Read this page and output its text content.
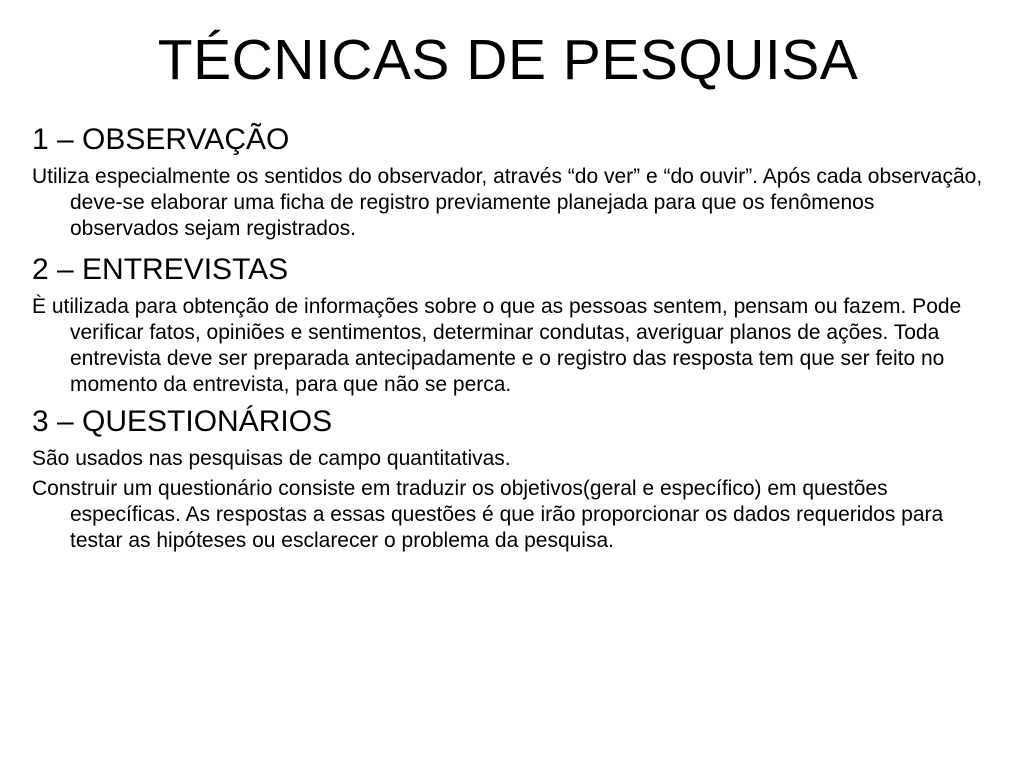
TÉCNICAS DE PESQUISA
1 – OBSERVAÇÃO

Utiliza especialmente os sentidos do observador, através “do ver” e “do ouvir”. Após cada observação, deve-se elaborar uma ficha de registro previamente planejada para que os fenômenos observados sejam registrados.

2 – ENTREVISTAS

È utilizada para obtenção de informações sobre o que as pessoas sentem, pensam ou fazem. Pode verificar fatos, opiniões e sentimentos, determinar condutas, averiguar planos de ações. Toda entrevista deve ser preparada antecipadamente e o registro das resposta tem que ser feito no momento da entrevista, para que não se perca.

3 – QUESTIONÁRIOS

São usados nas pesquisas de campo quantitativas.

Construir um questionário consiste em traduzir os objetivos(geral e específico) em questões específicas. As respostas a essas questões é que irão proporcionar os dados requeridos para testar as hipóteses ou esclarecer o problema da pesquisa.
